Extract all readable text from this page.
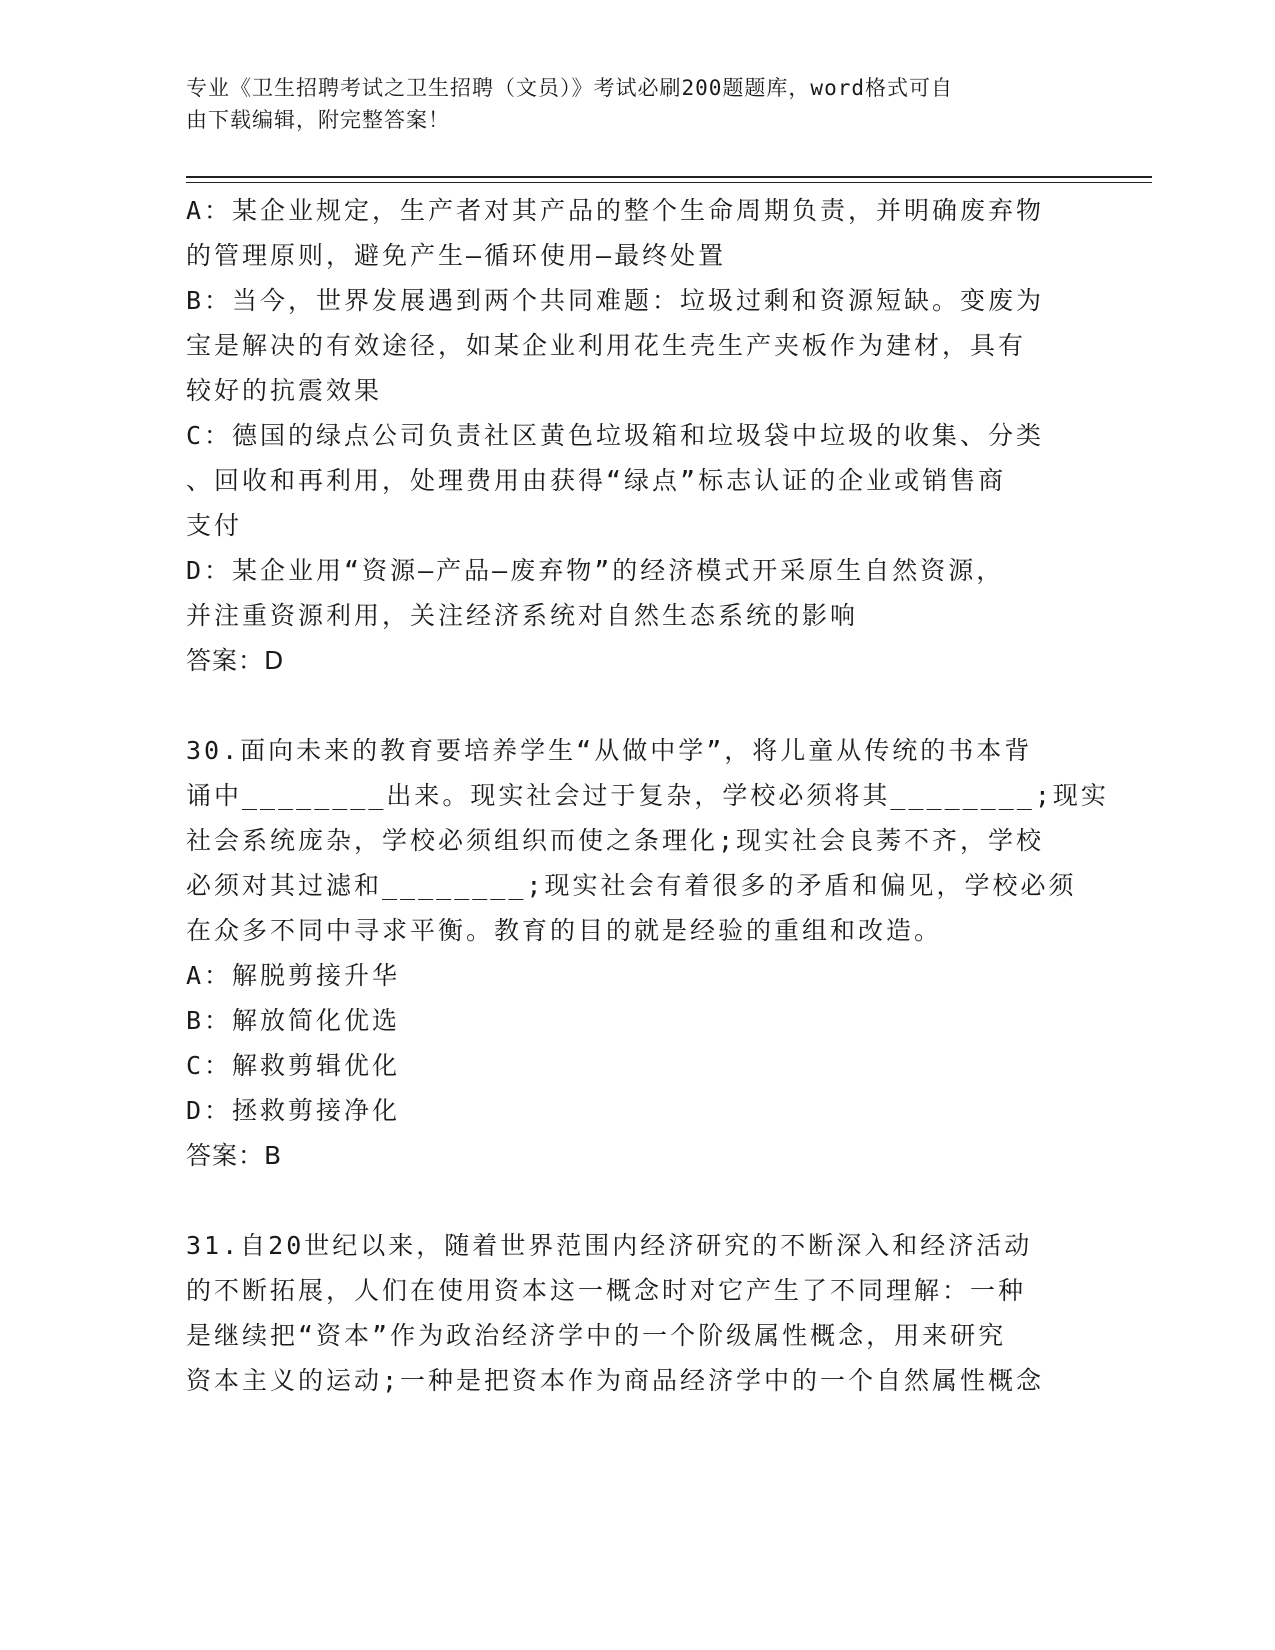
专业《卫生招聘考试之卫生招聘（文员）》考试必刷200题题库，word格式可自
由下载编辑，附完整答案！
A：某企业规定，生产者对其产品的整个生命周期负责，并明确废弃物
的管理原则，避免产生—循环使用—最终处置
B：当今，世界发展遇到两个共同难题：垃圾过剩和资源短缺。变废为
宝是解决的有效途径，如某企业利用花生壳生产夹板作为建材，具有
较好的抗震效果
C：德国的绿点公司负责社区黄色垃圾箱和垃圾袋中垃圾的收集、分类
、回收和再利用，处理费用由获得“绿点”标志认证的企业或销售商
支付
D：某企业用“资源—产品—废弃物”的经济模式开采原生自然资源，
并注重资源利用，关注经济系统对自然生态系统的影响
答案：D
30.面向未来的教育要培养学生“从做中学”，将儿童从传统的书本背
诵中________出来。现实社会过于复杂，学校必须将其________;现实
社会系统庞杂，学校必须组织而使之条理化;现实社会良莠不齐，学校
必须对其过滤和________;现实社会有着很多的矛盾和偏见，学校必须
在众多不同中寻求平衡。教育的目的就是经验的重组和改造。
A：解脱剪接升华
B：解放简化优选
C：解救剪辑优化
D：拯救剪接净化
答案：B
31.自20世纪以来，随着世界范围内经济研究的不断深入和经济活动
的不断拓展，人们在使用资本这一概念时对它产生了不同理解：一种
是继续把“资本”作为政治经济学中的一个阶级属性概念，用来研究
资本主义的运动;一种是把资本作为商品经济学中的一个自然属性概念
